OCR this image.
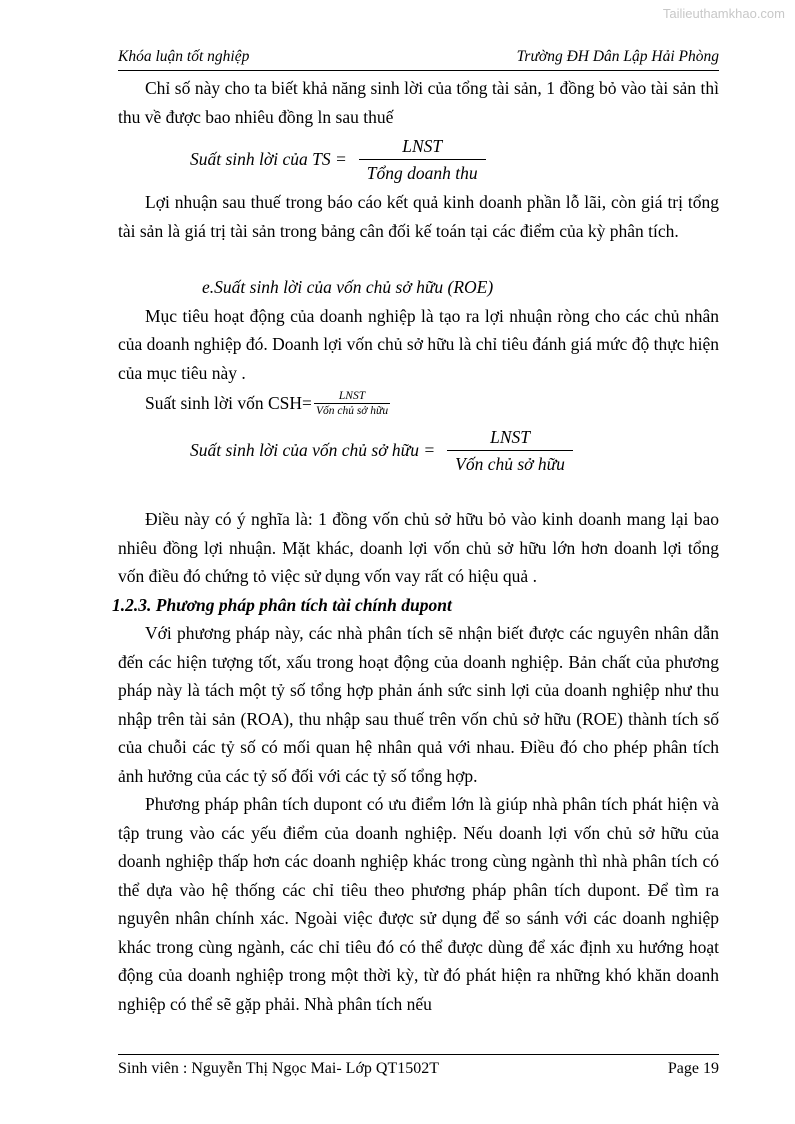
Tailieuthamkhao.com
Khóa luận tốt nghiệp	Trường ĐH Dân Lập Hải Phòng

Chỉ số này cho ta biết khả năng sinh lời của tổng tài sản, 1 đồng bỏ vào tài sản thì thu về được bao nhiêu đồng ln sau thuế

Suất sinh lời của TS = $\frac{\text{LNST}}{\text{Tổng doanh thu}}$

Lợi nhuận sau thuế trong báo cáo kết quả kinh doanh phần lỗ lãi, còn giá trị tổng tài sản là giá trị tài sản trong bảng cân đối kế toán tại các điểm của kỳ phân tích.

e.Suất sinh lời của vốn chủ sở hữu (ROE)

Mục tiêu hoạt động của doanh nghiệp là tạo ra lợi nhuận ròng cho các chủ nhân của doanh nghiệp đó. Doanh lợi vốn chủ sở hữu là chỉ tiêu đánh giá mức độ thực hiện của mục tiêu này .

Suất sinh lời vốn $CSH= \frac{\text{LNST}}{\text{Vốn chủ sở hữu}}$
Suất sinh lời của vốn chủ sở hữu = $\frac{\text{LNST}}{\text{Vốn chủ sở hữu}}$

Điều này có ý nghĩa là: 1 đồng vốn chủ sở hữu bỏ vào kinh doanh mang lại bao nhiêu đồng lợi nhuận. Mặt khác, doanh lợi vốn chủ sở hữu lớn hơn doanh lợi tổng vốn điều đó chứng tỏ việc sử dụng vốn vay rất có hiệu quả .

1.2.3. Phương pháp phân tích tài chính dupont

Với phương pháp này, các nhà phân tích sẽ nhận biết được các nguyên nhân dẫn đến các hiện tượng tốt, xấu trong hoạt động của doanh nghiệp. Bản chất của phương pháp này là tách một tỷ số tổng hợp phản ánh sức sinh lợi của doanh nghiệp như thu nhập trên tài sản (ROA), thu nhập sau thuế trên vốn chủ sở hữu (ROE) thành tích số của chuỗi các tỷ số có mối quan hệ nhân quả với nhau. Điều đó cho phép phân tích ảnh hưởng của các tỷ số đối với các tỷ số tổng hợp.

Phương pháp phân tích dupont có ưu điểm lớn là giúp nhà phân tích phát hiện và tập trung vào các yếu điểm của doanh nghiệp. Nếu doanh lợi vốn chủ sở hữu của doanh nghiệp thấp hơn các doanh nghiệp khác trong cùng ngành thì nhà phân tích có thể dựa vào hệ thống các chỉ tiêu theo phương pháp phân tích dupont. Để tìm ra nguyên nhân chính xác. Ngoài việc được sử dụng để so sánh với các doanh nghiệp khác trong cùng ngành, các chỉ tiêu đó có thể được dùng để xác định xu hướng hoạt động của doanh nghiệp trong một thời kỳ, từ đó phát hiện ra những khó khăn doanh nghiệp có thể sẽ gặp phải. Nhà phân tích nếu

Sinh viên : Nguyễn Thị Ngọc Mai- Lớp QT1502T	Page 19
